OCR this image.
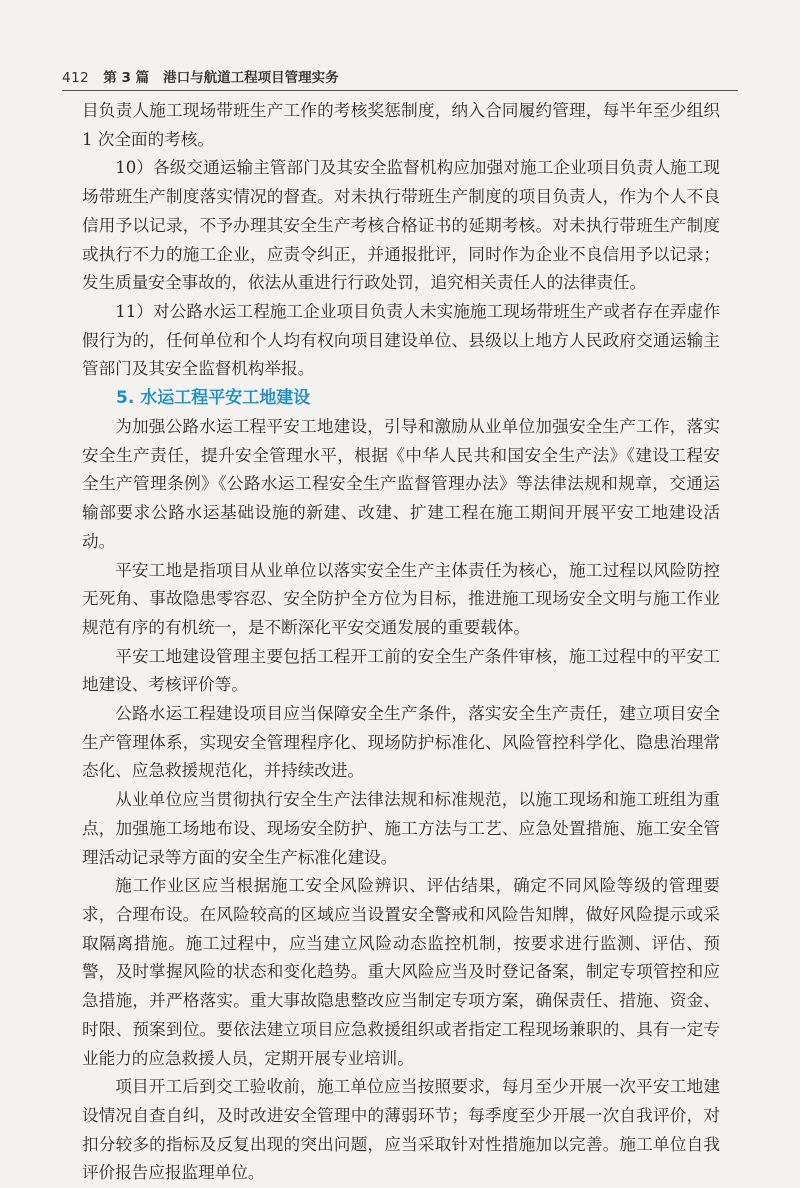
412 第 3 篇 港口与航道工程项目管理实务

目负责人施工现场带班生产工作的考核奖惩制度，纳入合同履约管理，每半年至少组织 1 次全面的考核。

10）各级交通运输主管部门及其安全监督机构应加强对施工企业项目负责人施工现场带班生产制度落实情况的督查。对未执行带班生产制度的项目负责人，作为个人不良信用予以记录，不予办理其安全生产考核合格证书的延期考核。对未执行带班生产制度或执行不力的施工企业，应责令纠正，并通报批评，同时作为企业不良信用予以记录；发生质量安全事故的，依法从重进行行政处罚，追究相关责任人的法律责任。

11）对公路水运工程施工企业项目负责人未实施施工现场带班生产或者存在弄虚作假行为的，任何单位和个人均有权向项目建设单位、县级以上地方人民政府交通运输主管部门及其安全监督机构举报。

5. 水运工程平安工地建设

为加强公路水运工程平安工地建设，引导和激励从业单位加强安全生产工作，落实安全生产责任，提升安全管理水平，根据《中华人民共和国安全生产法》《建设工程安全生产管理条例》《公路水运工程安全生产监督管理办法》等法律法规和规章，交通运输部要求公路水运基础设施的新建、改建、扩建工程在施工期间开展平安工地建设活动。

平安工地是指项目从业单位以落实安全生产主体责任为核心，施工过程以风险防控无死角、事故隐患零容忍、安全防护全方位为目标，推进施工现场安全文明与施工作业规范有序的有机统一，是不断深化平安交通发展的重要载体。

平安工地建设管理主要包括工程开工前的安全生产条件审核，施工过程中的平安工地建设、考核评价等。

公路水运工程建设项目应当保障安全生产条件，落实安全生产责任，建立项目安全生产管理体系，实现安全管理程序化、现场防护标准化、风险管控科学化、隐患治理常态化、应急救援规范化，并持续改进。

从业单位应当贯彻执行安全生产法律法规和标准规范，以施工现场和施工班组为重点，加强施工场地布设、现场安全防护、施工方法与工艺、应急处置措施、施工安全管理活动记录等方面的安全生产标准化建设。

施工作业区应当根据施工安全风险辨识、评估结果，确定不同风险等级的管理要求，合理布设。在风险较高的区域应当设置安全警戒和风险告知牌，做好风险提示或采取隔离措施。施工过程中，应当建立风险动态监控机制，按要求进行监测、评估、预警，及时掌握风险的状态和变化趋势。重大风险应当及时登记备案，制定专项管控和应急措施，并严格落实。重大事故隐患整改应当制定专项方案，确保责任、措施、资金、时限、预案到位。要依法建立项目应急救援组织或者指定工程现场兼职的、具有一定专业能力的应急救援人员，定期开展专业培训。

项目开工后到交工验收前，施工单位应当按照要求，每月至少开展一次平安工地建设情况自查自纠，及时改进安全管理中的薄弱环节；每季度至少开展一次自我评价，对扣分较多的指标及反复出现的突出问题，应当采取针对性措施加以完善。施工单位自我评价报告应报监理单位。
